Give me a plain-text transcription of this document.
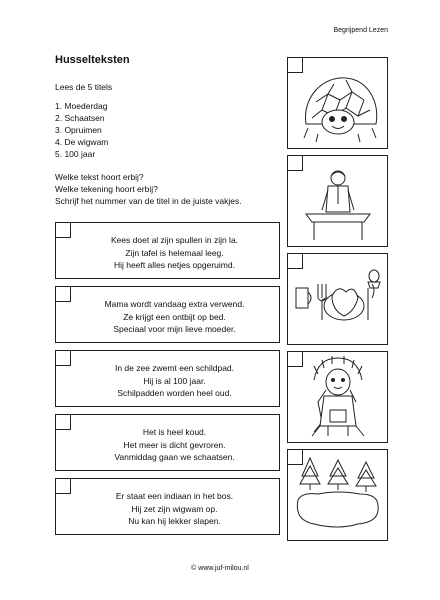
Begrijpend Lezen
Husselteksten
Lees de 5 titels
1. Moederdag
2. Schaatsen
3. Opruimen
4. De wigwam
5. 100 jaar
Welke tekst hoort erbij?
Welke tekening hoort erbij?
Schrijf het nummer van de titel in de juiste vakjes.
Kees doet al zijn spullen in zijn la.
Zijn tafel is helemaal leeg.
Hij heeft alles netjes opgeruimd.
Mama wordt vandaag extra verwend.
Ze krijgt een ontbijt op bed.
Speciaal voor mijn lieve moeder.
In de zee zwemt een schildpad.
Hij is al 100 jaar.
Schilpadden worden heel oud.
Het is heel koud.
Het meer is dicht gevroren.
Vanmiddag gaan we schaatsen.
Er staat een indiaan in het bos.
Hij zet zijn wigwam op.
Nu kan hij lekker slapen.
© www.juf-milou.nl
